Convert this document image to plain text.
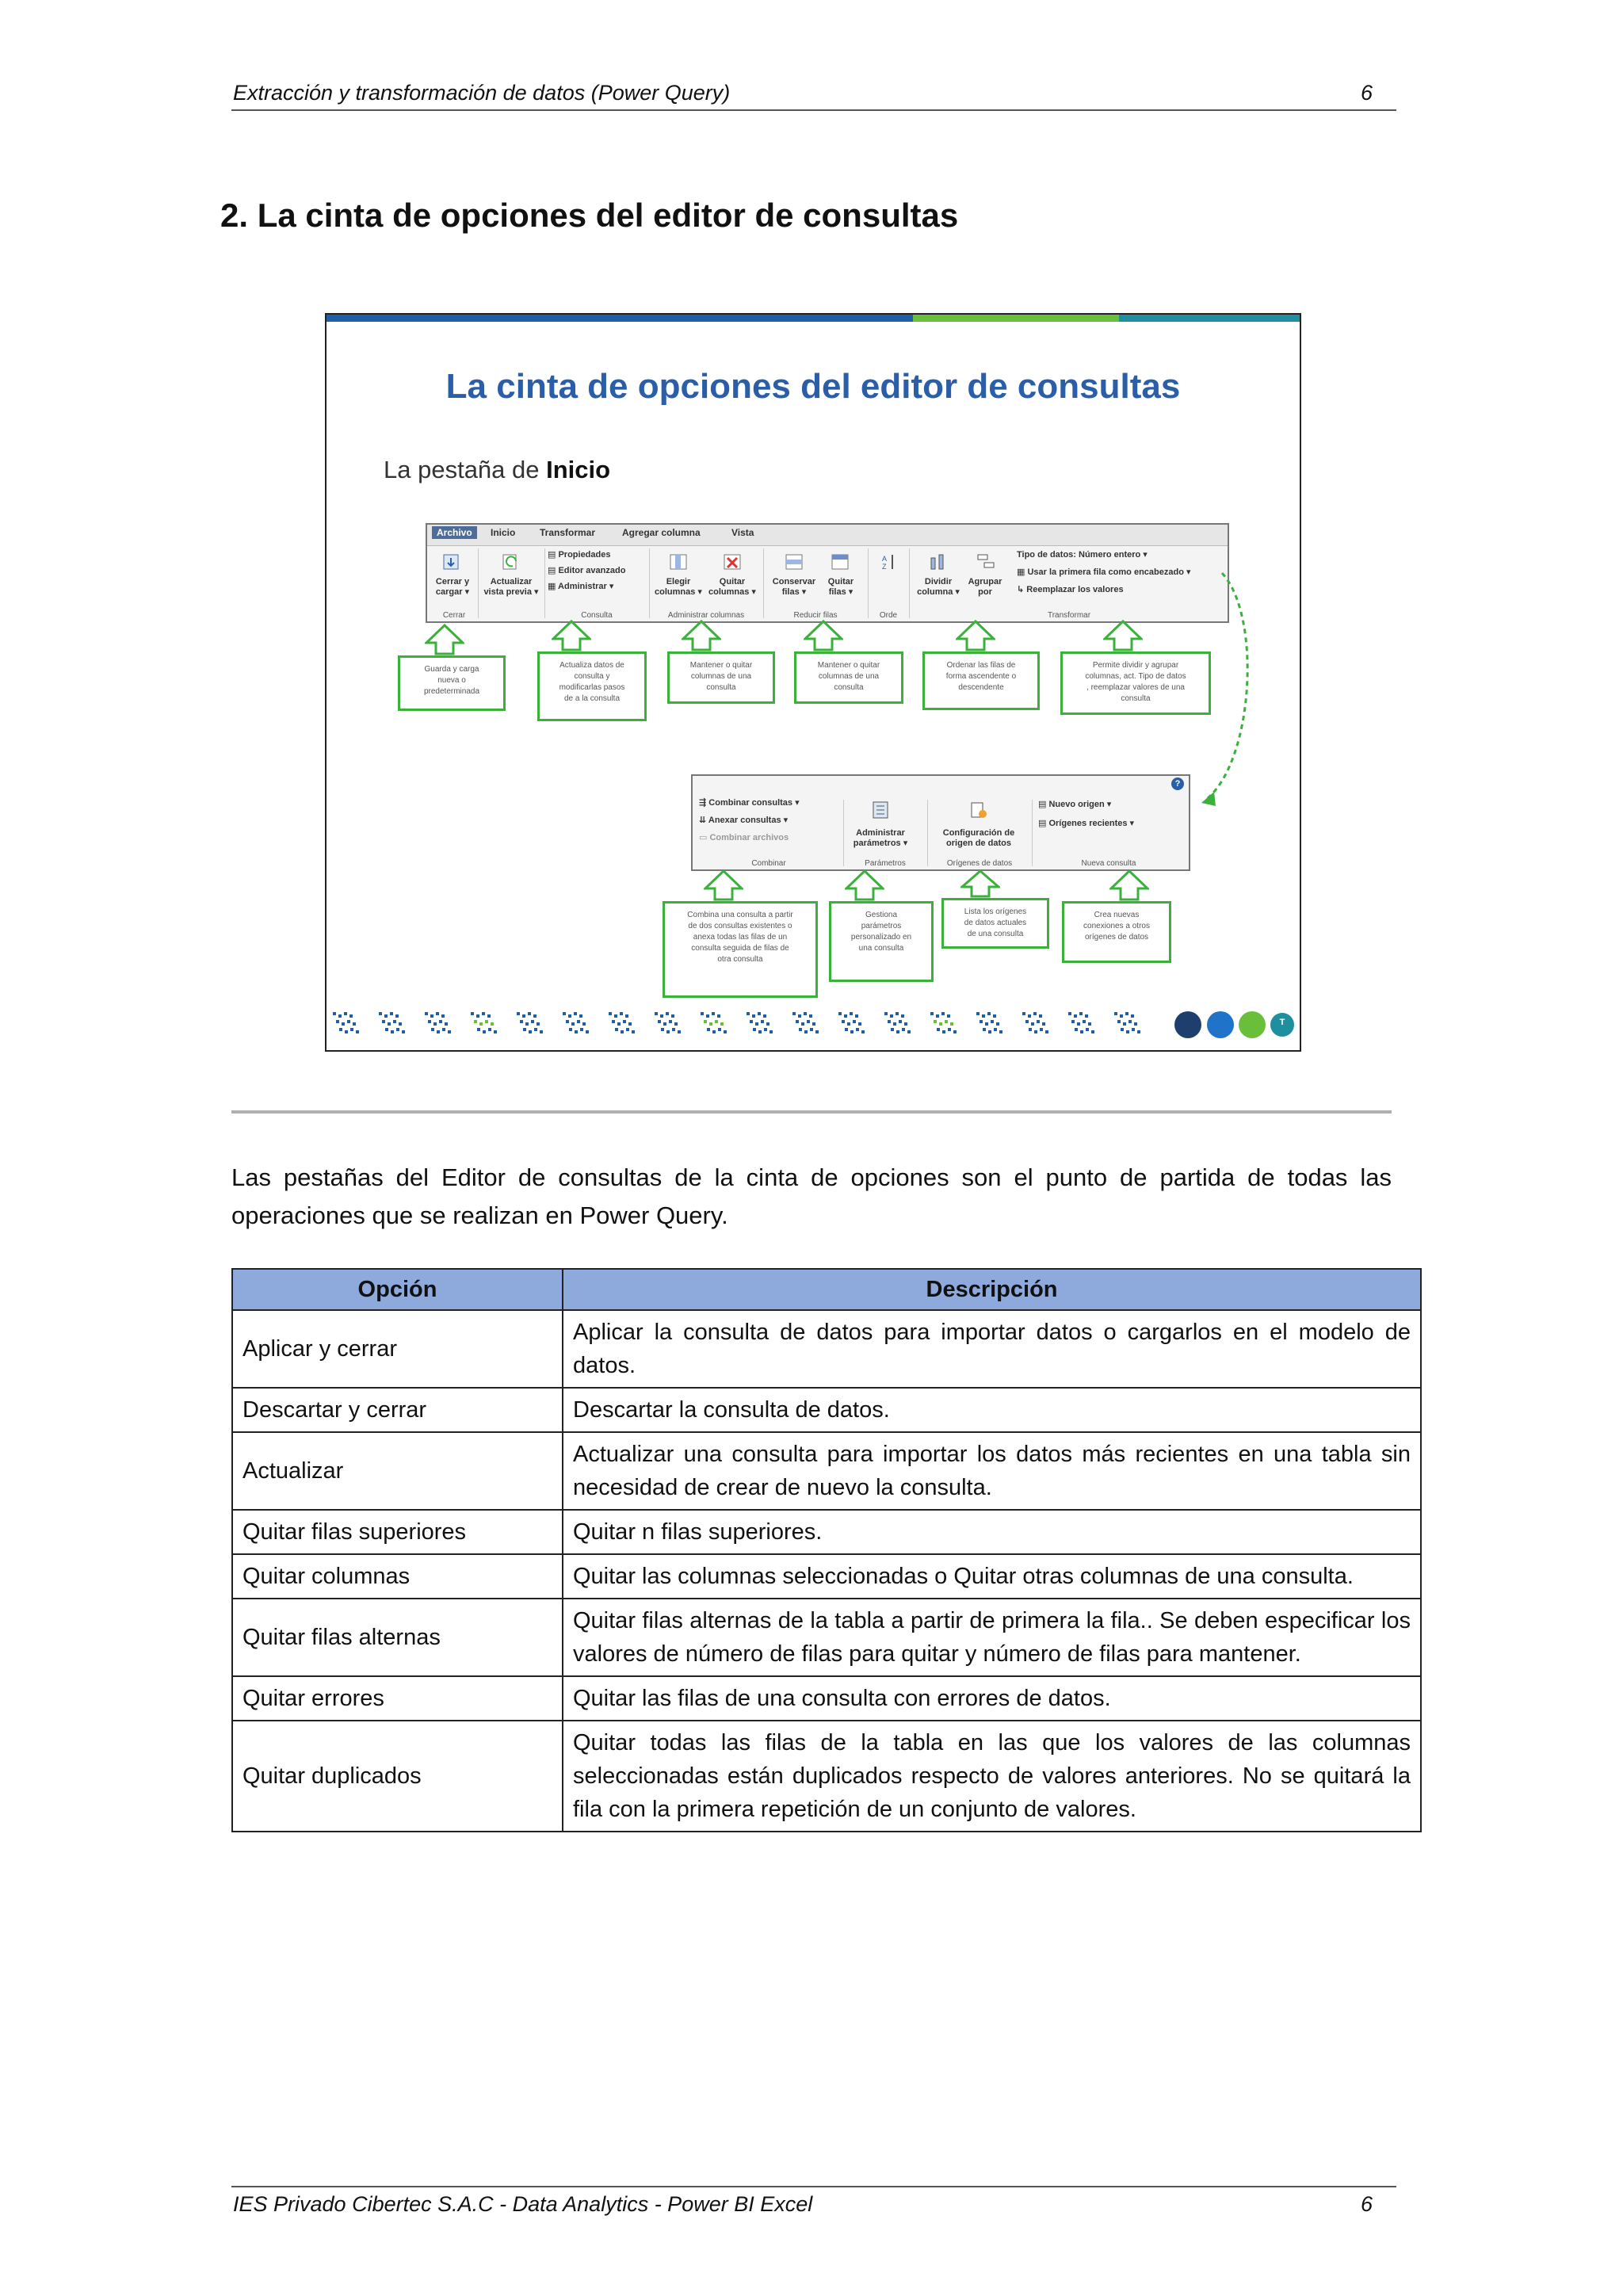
Extracción y transformación de datos (Power Query)	6
2. La cinta de opciones del editor de consultas
La cinta de opciones del editor de consultas
La pestaña de Inicio
Archivo	Inicio	Transformar	Agregar columna	Vista
Cerrar y
cargar ▾
Actualizar
vista previa ▾
▤ Propiedades
▤ Editor avanzado
▦ Administrar ▾	Elegir
columnas ▾
Quitar
columnas ▾
Conservar
filas ▾
Quitar
filas ▾
A
Z
Dividir
columna ▾
Agrupar
por
Tipo de datos: Número entero ▾
▦ Usar la primera fila como encabezado ▾
↳ Reemplazar los valores
Cerrar	Consulta	Administrar columnas	Reducir filas	Orde	Transformar
Guarda y carga
nueva o
predeterminada
Actualiza datos de
consulta y
modificarlas pasos
de a la consulta
Mantener o quitar
columnas de una
consulta
Mantener o quitar
columnas de una
consulta
Ordenar las filas de
forma ascendente o
descendente
Permite dividir y agrupar
columnas, act. Tipo de datos
, reemplazar valores de una
consulta
?
⇶ Combinar consultas ▾
⇊ Anexar consultas ▾
▭ Combinar archivos	Administrar
parámetros ▾
Configuración de
origen de datos
▤ Nuevo origen ▾
▤ Orígenes recientes ▾
Combinar	Parámetros	Orígenes de datos	Nueva consulta
Combina una consulta a partir
de dos consultas existentes o
anexa todas las filas de un
consulta seguida de filas de
otra consulta
Gestiona
parámetros
personalizado en
una consulta
Lista los orígenes
de datos actuales
de una consulta
Crea nuevas
conexiones a otros
orígenes de datos
T
Las pestañas del Editor de consultas de la cinta de opciones son el punto de partida de todas las operaciones que se realizan en Power Query.
Opción	Descripción
Aplicar y cerrar	Aplicar la consulta de datos para importar datos o cargarlos en el modelo de datos.
Descartar y cerrar	Descartar la consulta de datos.
Actualizar	Actualizar una consulta para importar los datos más recientes en una tabla sin necesidad de crear de nuevo la consulta.
Quitar filas superiores	Quitar n filas superiores.
Quitar columnas	Quitar las columnas seleccionadas o Quitar otras columnas de una consulta.
Quitar filas alternas	Quitar filas alternas de la tabla a partir de primera la fila.. Se deben especificar los valores de número de filas para quitar y número de filas para mantener.
Quitar errores	Quitar las filas de una consulta con errores de datos.
Quitar duplicados	Quitar todas las filas de la tabla en las que los valores de las columnas seleccionadas están duplicados respecto de valores anteriores. No se quitará la fila con la primera repetición de un conjunto de valores.
IES Privado Cibertec S.A.C - Data Analytics - Power BI Excel	6
